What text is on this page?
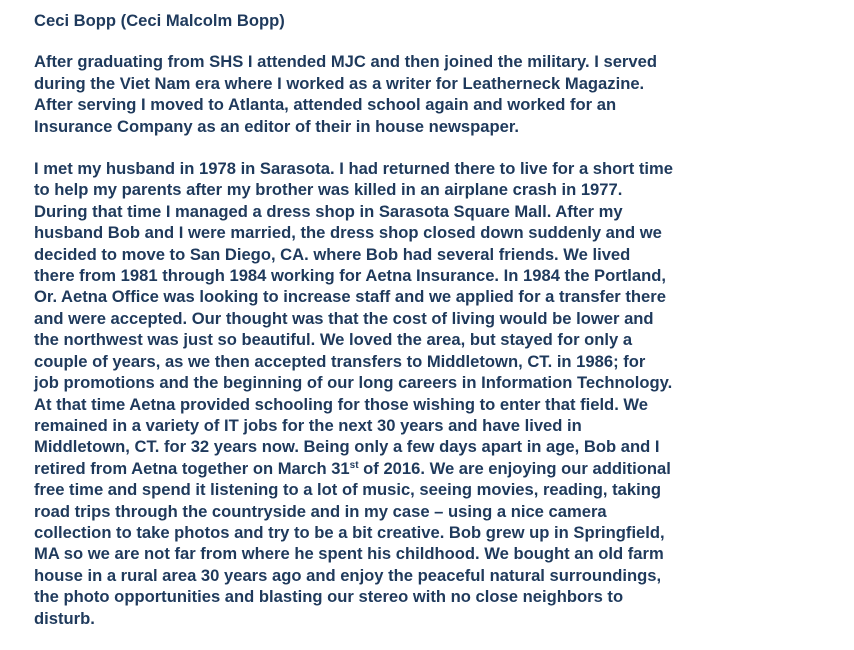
Ceci Bopp (Ceci Malcolm Bopp)
After graduating from SHS I attended MJC and then joined the military. I served
during the Viet Nam era where I worked as a writer for Leatherneck Magazine.
After serving I moved to Atlanta, attended school again and worked for an
Insurance Company as an editor of their in house newspaper.
I met my husband in 1978 in Sarasota. I had returned there to live for a short time
to help my parents after my brother was killed in an airplane crash in 1977.
During that time I managed a dress shop in Sarasota Square Mall. After my
husband Bob and I were married, the dress shop closed down suddenly and we
decided to move to San Diego, CA. where Bob had several friends. We lived
there from 1981 through 1984 working for Aetna Insurance. In 1984 the Portland,
Or. Aetna Office was looking to increase staff and we applied for a transfer there
and were accepted. Our thought was that the cost of living would be lower and
the northwest was just so beautiful. We loved the area, but stayed for only a
couple of years, as we then accepted transfers to Middletown, CT. in 1986; for
job promotions and the beginning of our long careers in Information Technology.
At that time Aetna provided schooling for those wishing to enter that field. We
remained in a variety of IT jobs for the next 30 years and have lived in
Middletown, CT. for 32 years now. Being only a few days apart in age, Bob and I
retired from Aetna together on March 31st of 2016. We are enjoying our additional
free time and spend it listening to a lot of music, seeing movies, reading, taking
road trips through the countryside and in my case – using a nice camera
collection to take photos and try to be a bit creative. Bob grew up in Springfield,
MA so we are not far from where he spent his childhood. We bought an old farm
house in a rural area 30 years ago and enjoy the peaceful natural surroundings,
the photo opportunities and blasting our stereo with no close neighbors to
disturb.
